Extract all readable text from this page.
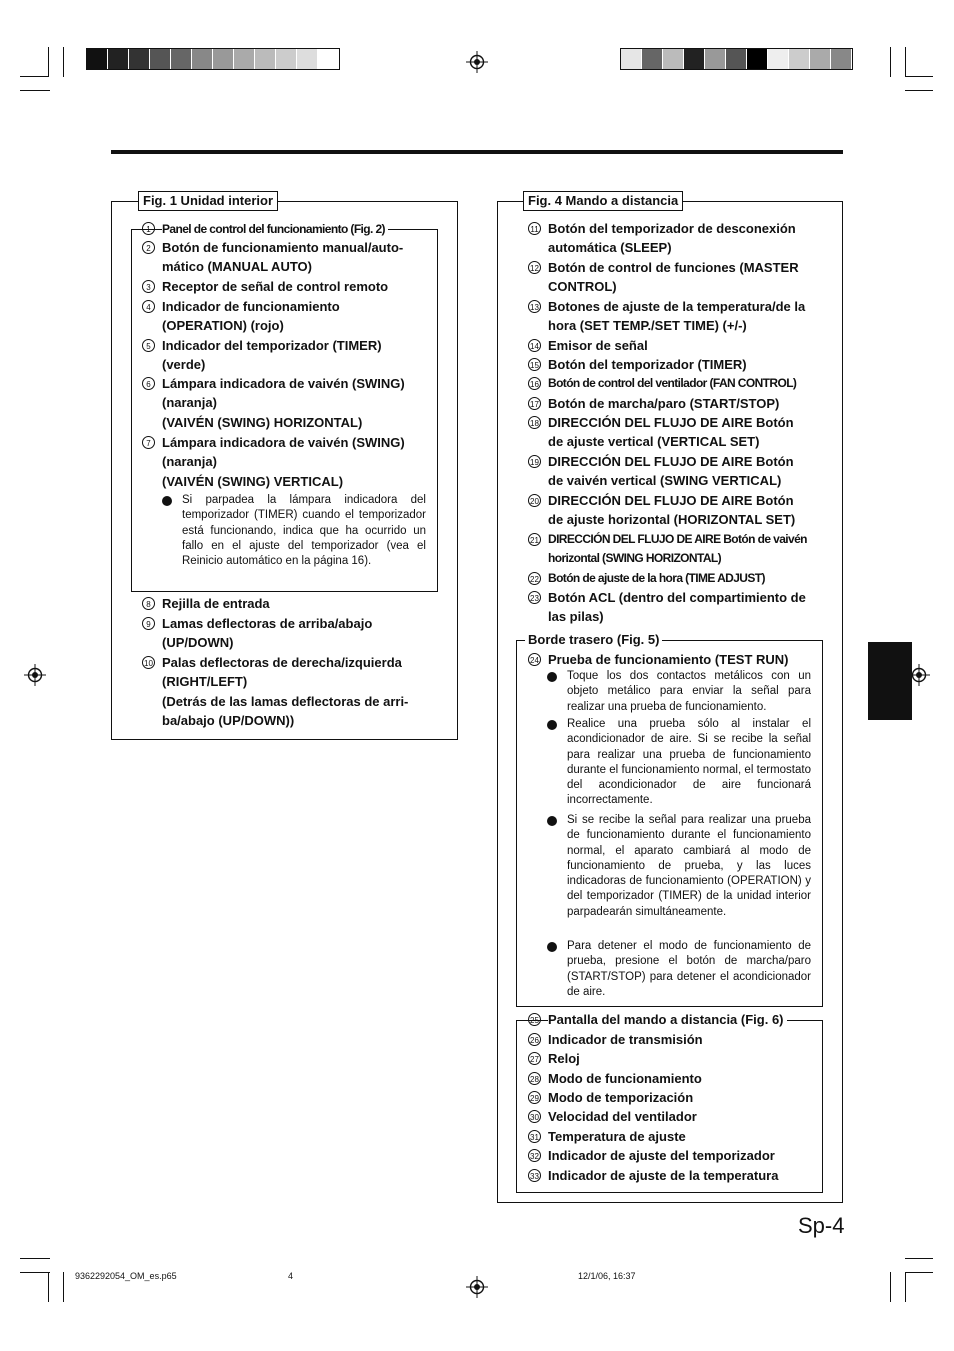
Fig. 1 Unidad interior
1 Panel de control del funcionamiento (Fig. 2)
2 Botón de funcionamiento manual/auto-mático (MANUAL AUTO)
3 Receptor de señal de control remoto
4 Indicador de funcionamiento (OPERATION) (rojo)
5 Indicador del temporizador (TIMER) (verde)
6 Lámpara indicadora de vaivén (SWING) (naranja)
(VAIVÉN (SWING) HORIZONTAL)
7 Lámpara indicadora de vaivén (SWING) (naranja)
(VAIVÉN (SWING) VERTICAL)
Si parpadea la lámpara indicadora del temporizador (TIMER) cuando el temporizador está funcionando, indica que ha ocurrido un fallo en el ajuste del temporizador (vea el Reinicio automático en la página 16).
8 Rejilla de entrada
9 Lamas deflectoras de arriba/abajo (UP/DOWN)
10 Palas deflectoras de derecha/izquierda (RIGHT/LEFT)
(Detrás de las lamas deflectoras de arri-ba/abajo (UP/DOWN))
Fig. 4 Mando a distancia
11 Botón del temporizador de desconexión automática (SLEEP)
12 Botón de control de funciones (MASTER CONTROL)
13 Botones de ajuste de la temperatura/de la hora (SET TEMP./SET TIME) (+/-)
14 Emisor de señal
15 Botón del temporizador (TIMER)
16 Botón de control del ventilador (FAN CONTROL)
17 Botón de marcha/paro (START/STOP)
18 DIRECCIÓN DEL FLUJO DE AIRE Botón de ajuste vertical (VERTICAL SET)
19 DIRECCIÓN DEL FLUJO DE AIRE Botón de vaivén vertical (SWING VERTICAL)
20 DIRECCIÓN DEL FLUJO DE AIRE Botón de ajuste horizontal (HORIZONTAL SET)
21 DIRECCIÓN DEL FLUJO DE AIRE Botón de vaivén horizontal (SWING HORIZONTAL)
22 Botón de ajuste de la hora (TIME ADJUST)
23 Botón ACL (dentro del compartimiento de las pilas)
Borde trasero (Fig. 5)
24 Prueba de funcionamiento (TEST RUN)
Toque los dos contactos metálicos con un objeto metálico para enviar la señal para realizar una prueba de funcionamiento.
Realice una prueba sólo al instalar el acondicionador de aire. Si se recibe la señal para realizar una prueba de funcionamiento durante el funcionamiento normal, el termostato del acondicionador de aire funcionará incorrectamente.
Si se recibe la señal para realizar una prueba de funcionamiento durante el funcionamiento normal, el aparato cambiará al modo de funcionamiento de prueba, y las luces indicadoras de funcionamiento (OPERATION) y del temporizador (TIMER) de la unidad interior parpadearán simultáneamente.
Para detener el modo de funcionamiento de prueba, presione el botón de marcha/paro (START/STOP) para detener el acondicionador de aire.
25 Pantalla del mando a distancia (Fig. 6)
26 Indicador de transmisión
27 Reloj
28 Modo de funcionamiento
29 Modo de temporización
30 Velocidad del ventilador
31 Temperatura de ajuste
32 Indicador de ajuste del temporizador
33 Indicador de ajuste de la temperatura
Sp-4
9362292054_OM_es.p65	4	12/1/06, 16:37
